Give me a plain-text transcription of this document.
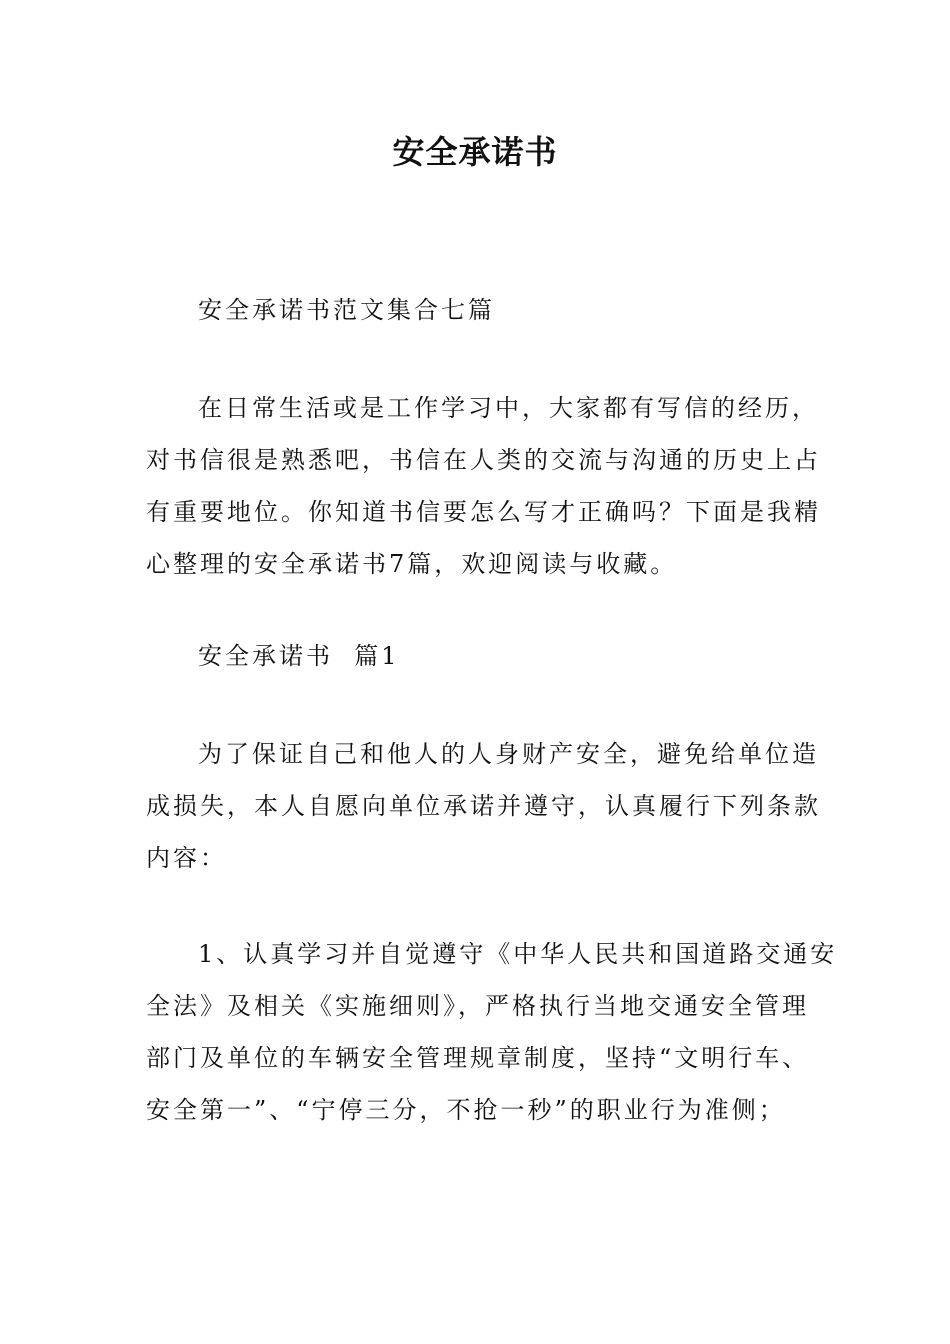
安全承诺书

安全承诺书范文集合七篇

在日常生活或是工作学习中，大家都有写信的经历，
对书信很是熟悉吧，书信在人类的交流与沟通的历史上占
有重要地位。你知道书信要怎么写才正确吗？下面是我精
心整理的安全承诺书7篇，欢迎阅读与收藏。

安全承诺书  篇1

为了保证自己和他人的人身财产安全，避免给单位造
成损失，本人自愿向单位承诺并遵守，认真履行下列条款
内容：

1、认真学习并自觉遵守《中华人民共和国道路交通安
全法》及相关《实施细则》，严格执行当地交通安全管理
部门及单位的车辆安全管理规章制度，坚持“文明行车、
安全第一”、“宁停三分，不抢一秒”的职业行为准侧；
